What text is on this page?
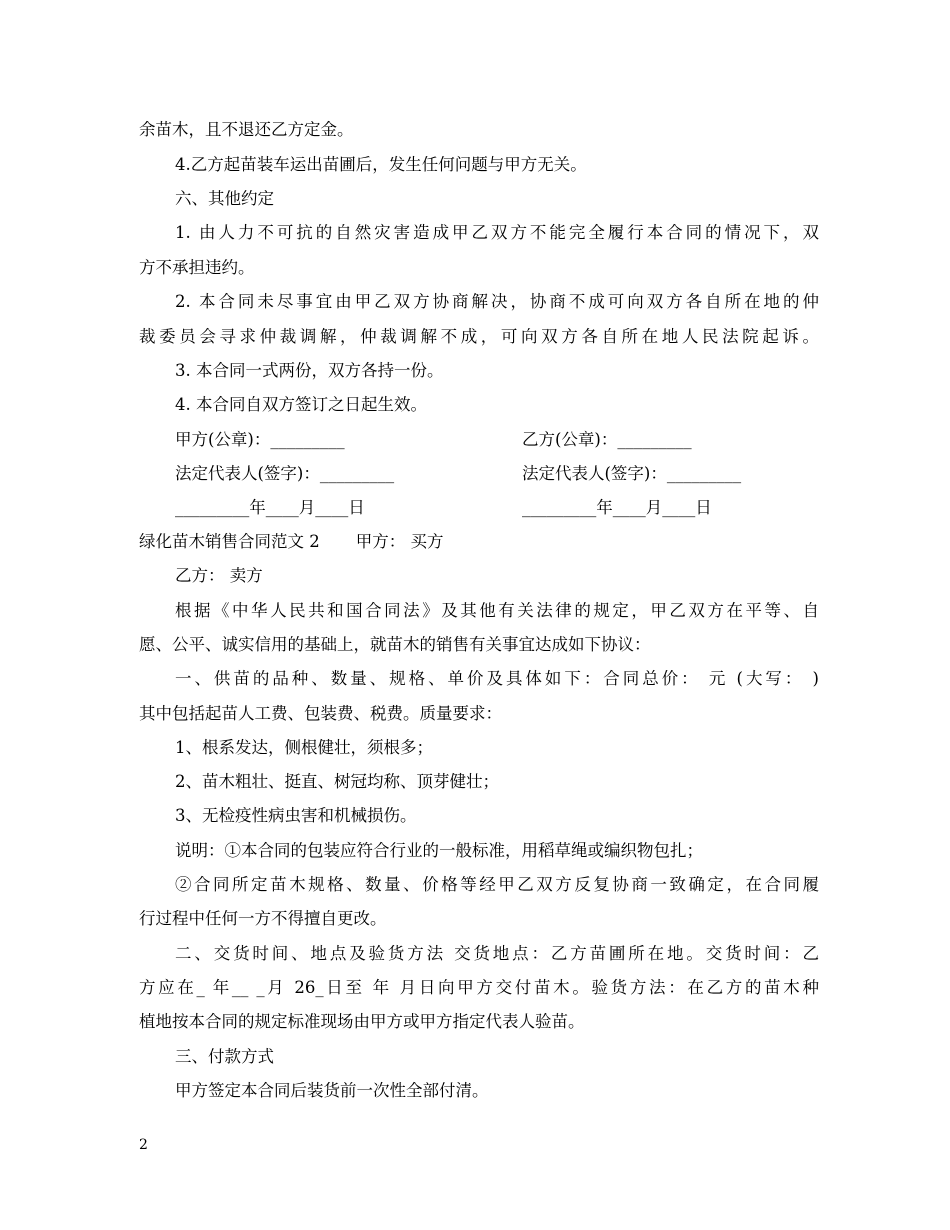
余苗木，且不退还乙方定金。
4.乙方起苗装车运出苗圃后，发生任何问题与甲方无关。
六、其他约定
1. 由人力不可抗的自然灾害造成甲乙双方不能完全履行本合同的情况下，双
方不承担违约。
2. 本合同未尽事宜由甲乙双方协商解决，协商不成可向双方各自所在地的仲
裁委员会寻求仲裁调解，仲裁调解不成，可向双方各自所在地人民法院起诉。
3. 本合同一式两份，双方各持一份。
4. 本合同自双方签订之日起生效。
甲方(公章)：_________	乙方(公章)：_________
法定代表人(签字)：_________	法定代表人(签字)：_________
_________年____月____日	_________年____月____日
绿化苗木销售合同范文 2 甲方： 买方
乙方： 卖方
根据《中华人民共和国合同法》及其他有关法律的规定，甲乙双方在平等、自
愿、公平、诚实信用的基础上，就苗木的销售有关事宜达成如下协议：
一、供苗的品种、数量、规格、单价及具体如下：合同总价： 元 (大写： )
其中包括起苗人工费、包装费、税费。质量要求：
1、根系发达，侧根健壮，须根多；
2、苗木粗壮、挺直、树冠均称、顶芽健壮；
3、无检疫性病虫害和机械损伤。
说明：①本合同的包装应符合行业的一般标准，用稻草绳或编织物包扎；
②合同所定苗木规格、数量、价格等经甲乙双方反复协商一致确定，在合同履
行过程中任何一方不得擅自更改。
二、交货时间、地点及验货方法 交货地点：乙方苗圃所在地。交货时间：乙
方应在_ 年__ _月 26_日至 年 月日向甲方交付苗木。验货方法：在乙方的苗木种
植地按本合同的规定标准现场由甲方或甲方指定代表人验苗。
三、付款方式
甲方签定本合同后装货前一次性全部付清。
2
